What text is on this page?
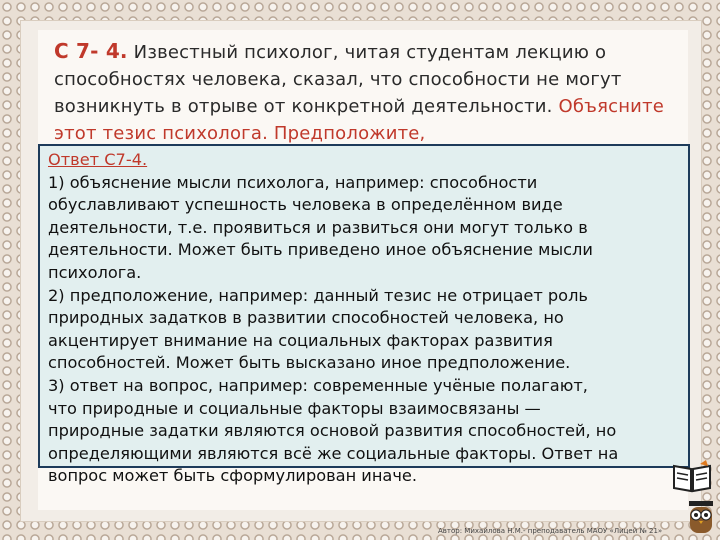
С 7- 4. Известный психолог, читая студентам лекцию о способностях человека, сказал, что способности не могут возникнуть в отрыве от конкретной деятельности. Объясните этот тезис психолога. Предположите,
Ответ С7-4.
1) объяснение мысли психолога, например: способности
обуславливают успешность человека в определённом виде
деятельности, т.е. проявиться и развиться они могут только в
деятельности. Может быть приведено иное объяснение мысли
психолога.
2) предположение, например: данный тезис не отрицает роль
природных задатков в развитии способностей человека, но
акцентирует внимание на социальных факторах развития
способностей. Может быть высказано иное предположение.
3) ответ на вопрос, например: современные учёные полагают,
что природные и социальные факторы взаимосвязаны —
природные задатки являются основой развития способностей, но
определяющими являются всё же социальные факторы. Ответ на
вопрос может быть сформулирован иначе.
Автор: Михайлова Н.М.- преподаватель МАОУ «Лицей № 21»
